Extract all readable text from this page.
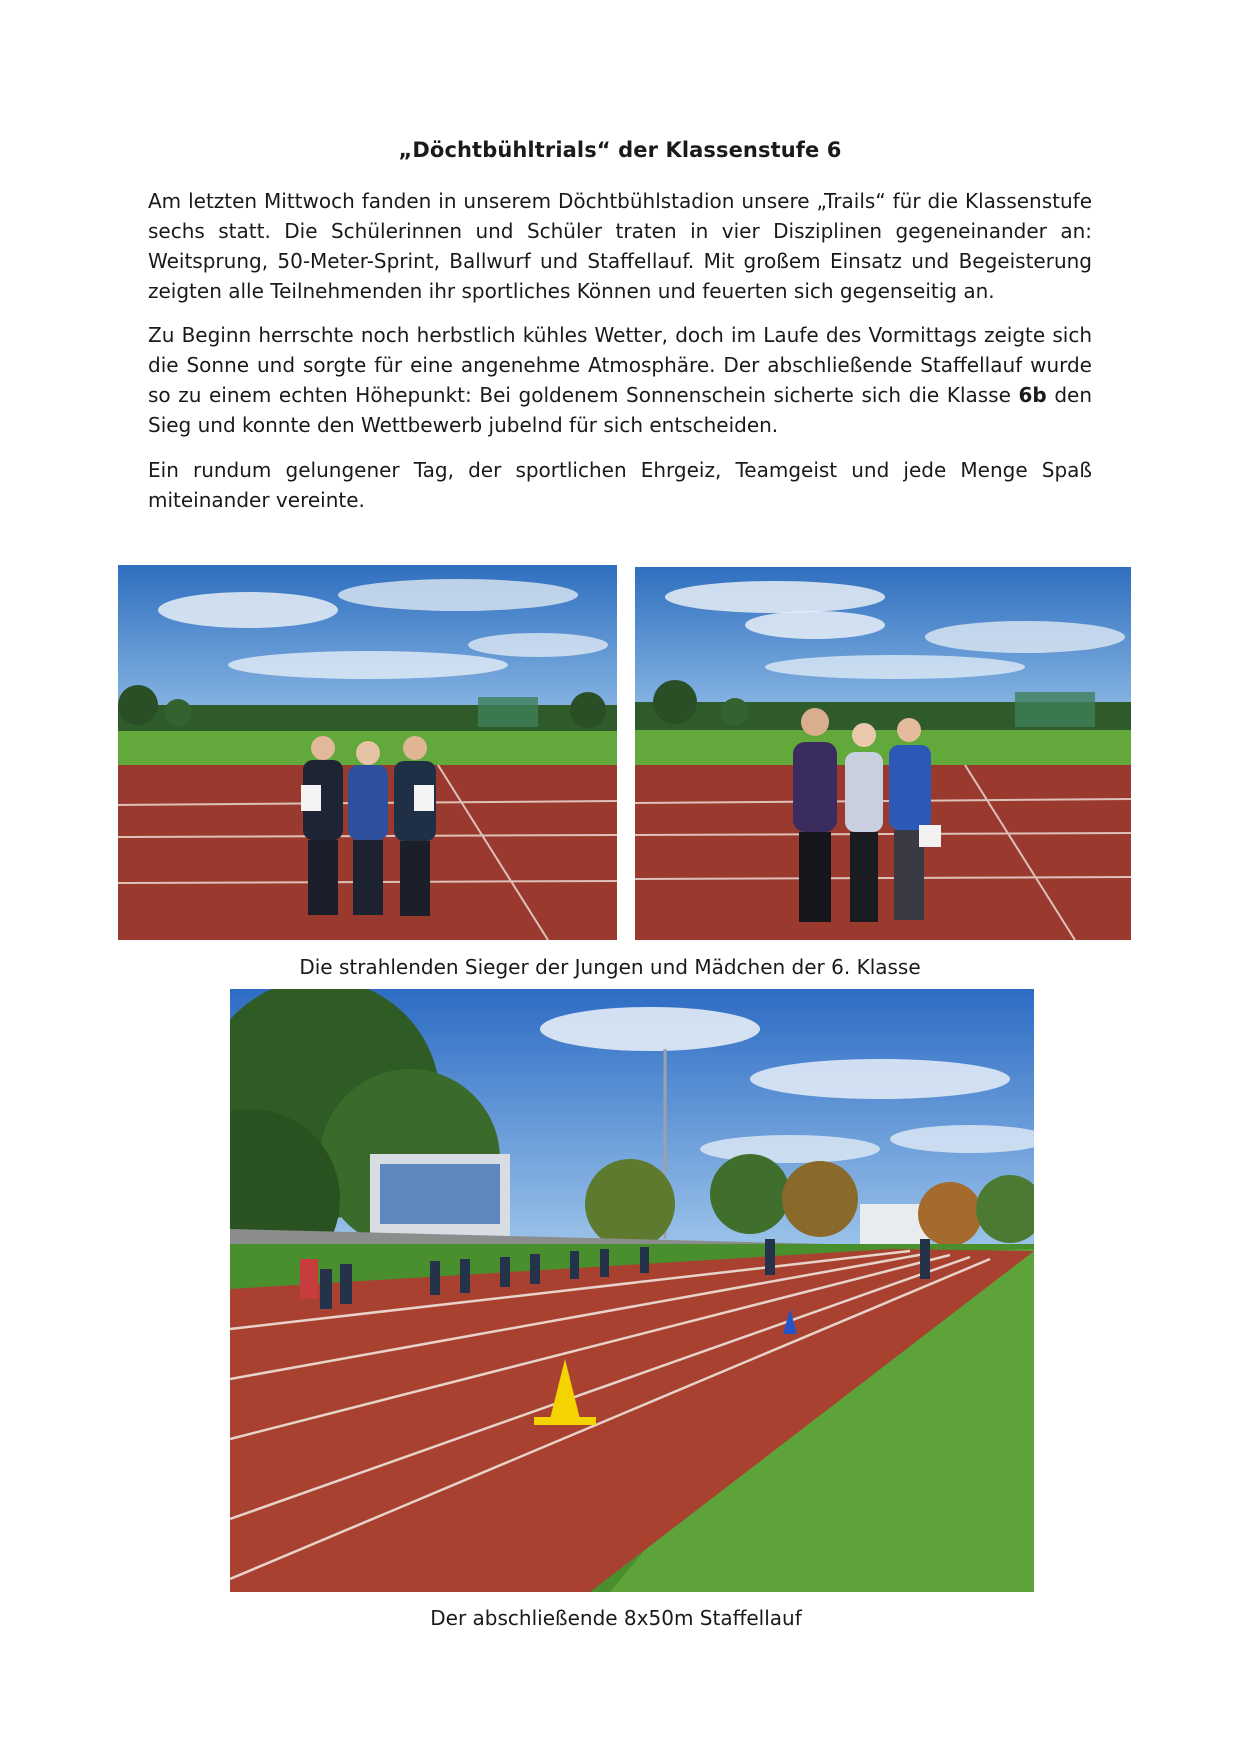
„Döchtbühltrials“ der Klassenstufe 6

Am letzten Mittwoch fanden in unserem Döchtbühlstadion unsere „Trails“ für die Klassenstufe sechs statt. Die Schülerinnen und Schüler traten in vier Disziplinen gegeneinander an: Weitsprung, 50-Meter-Sprint, Ballwurf und Staffellauf. Mit großem Einsatz und Begeisterung zeigten alle Teilnehmenden ihr sportliches Können und feuerten sich gegenseitig an.

Zu Beginn herrschte noch herbstlich kühles Wetter, doch im Laufe des Vormittags zeigte sich die Sonne und sorgte für eine angenehme Atmosphäre. Der abschließende Staffellauf wurde so zu einem echten Höhepunkt: Bei goldenem Sonnenschein sicherte sich die Klasse 6b den Sieg und konnte den Wettbewerb jubelnd für sich entscheiden.

Ein rundum gelungener Tag, der sportlichen Ehrgeiz, Teamgeist und jede Menge Spaß miteinander vereinte.

Die strahlenden Sieger der Jungen und Mädchen der 6. Klasse
Der abschließende 8x50m Staffellauf
